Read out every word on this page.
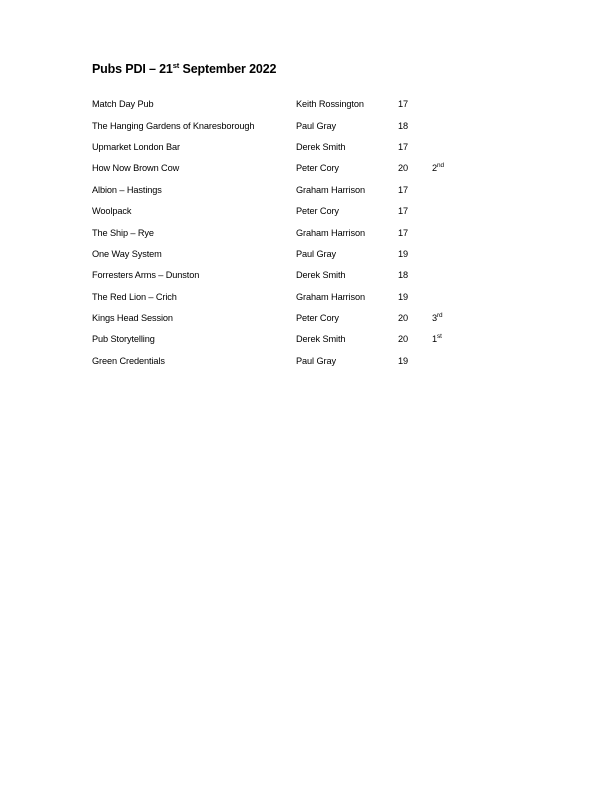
Pubs PDI – 21st September 2022
Match Day Pub	Keith Rossington	17	
The Hanging Gardens of Knaresborough	Paul Gray	18	
Upmarket London Bar	Derek Smith	17	
How Now Brown Cow	Peter Cory	20	2nd
Albion – Hastings	Graham Harrison	17	
Woolpack	Peter Cory	17	
The Ship – Rye	Graham Harrison	17	
One Way System	Paul Gray	19	
Forresters Arms – Dunston	Derek Smith	18	
The Red Lion – Crich	Graham Harrison	19	
Kings Head Session	Peter Cory	20	3rd
Pub Storytelling	Derek Smith	20	1st
Green Credentials	Paul Gray	19	
